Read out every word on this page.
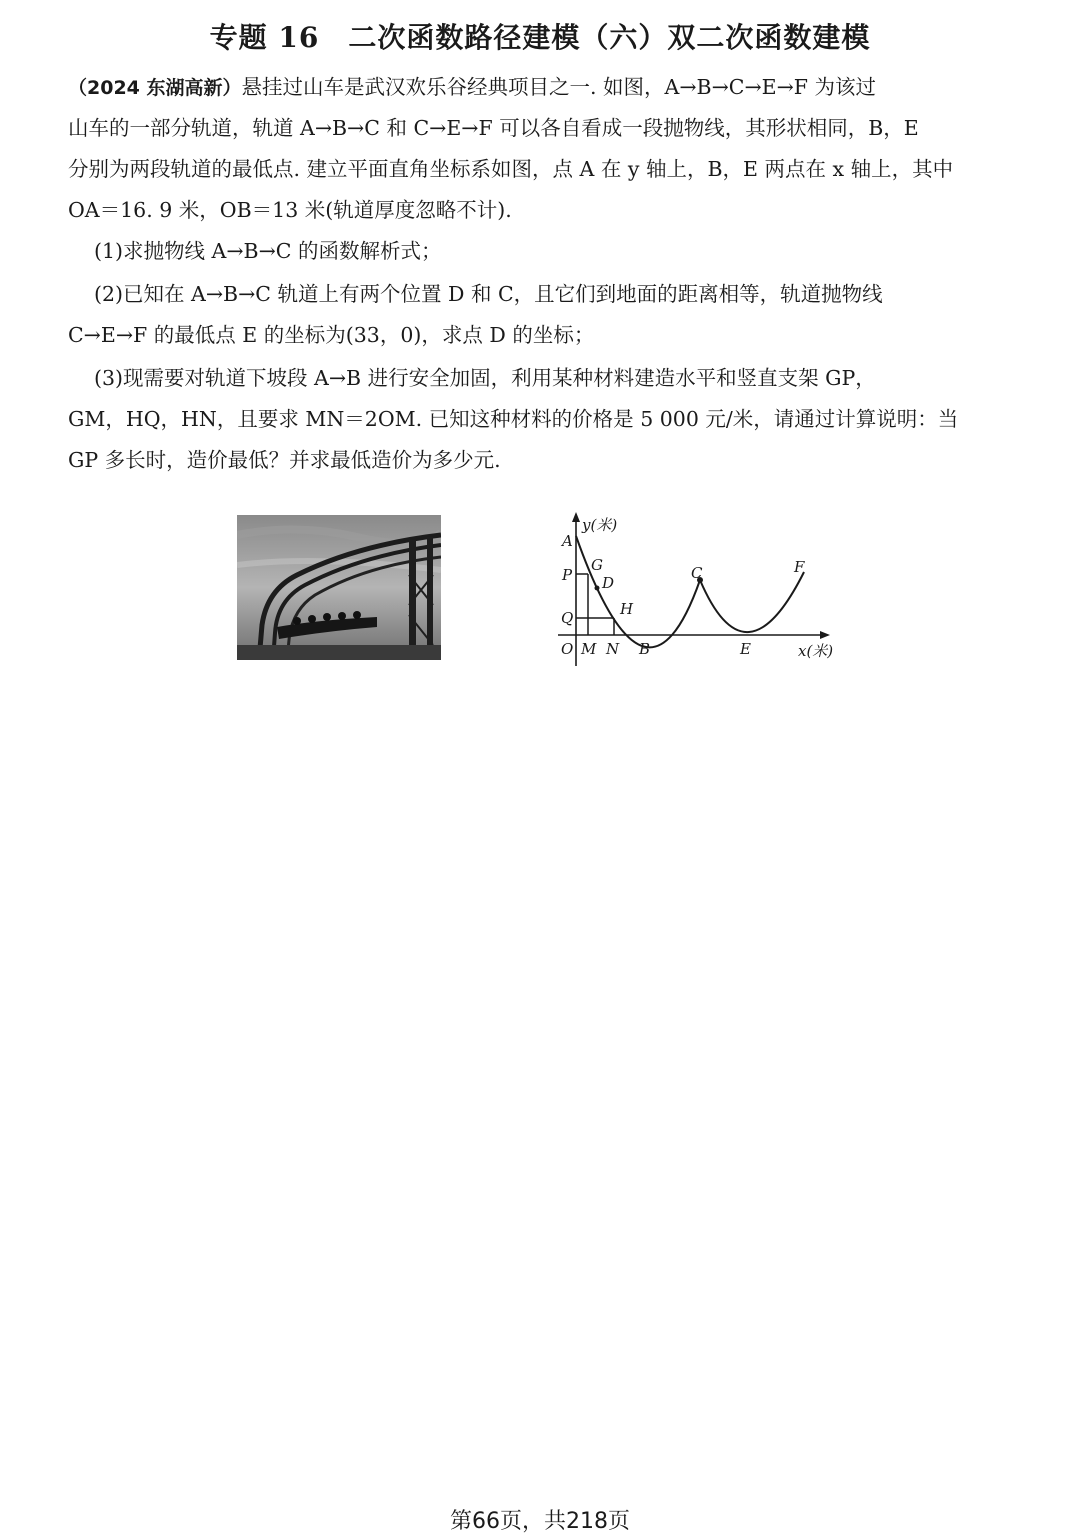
专题 16　二次函数路径建模（六）双二次函数建模
（2024 东湖高新）悬挂过山车是武汉欢乐谷经典项目之一. 如图，A→B→C→E→F 为该过
山车的一部分轨道，轨道 A→B→C 和 C→E→F 可以各自看成一段抛物线，其形状相同，B，E
分别为两段轨道的最低点. 建立平面直角坐标系如图，点 A 在 y 轴上，B，E 两点在 x 轴上，其中
OA＝16. 9 米，OB＝13 米(轨道厚度忽略不计).
(1)求抛物线 A→B→C 的函数解析式；
(2)已知在 A→B→C 轨道上有两个位置 D 和 C，且它们到地面的距离相等，轨道抛物线
C→E→F 的最低点 E 的坐标为(33，0)，求点 D 的坐标；
(3)现需要对轨道下坡段 A→B 进行安全加固，利用某种材料建造水平和竖直支架 GP，
GM，HQ，HN，且要求 MN＝2OM. 已知这种材料的价格是 5 000 元/米，请通过计算说明：当
GP 多长时，造价最低？并求最低造价为多少元.
y(米)
x(米)
A
P
Q
O M N
G
D
H
B
C
E
F
第66页，共218页
